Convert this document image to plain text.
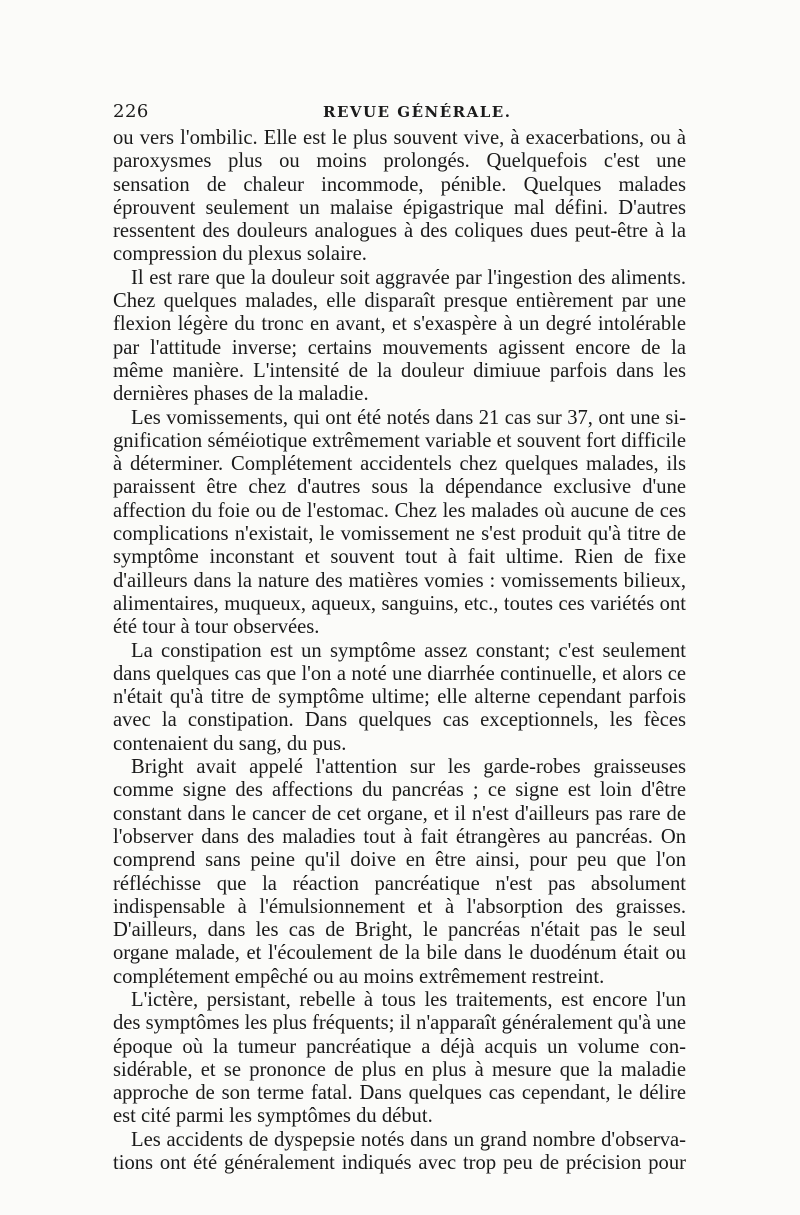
226	REVUE GÉNÉRALE.

ou vers l'ombilic. Elle est le plus souvent vive, à exacerbations, ou à paroxysmes plus ou moins prolongés. Quelquefois c'est une sensation de chaleur incommode, pénible. Quelques malades éprouvent seulement un malaise épigastrique mal défini. D'autres ressentent des douleurs analogues à des coliques dues peut-être à la compression du plexus solaire.

Il est rare que la douleur soit aggravée par l'ingestion des aliments. Chez quelques malades, elle disparaît presque entièrement par une flexion légère du tronc en avant, et s'exaspère à un degré intolérable par l'attitude inverse; certains mouvements agissent encore de la même manière. L'intensité de la douleur dimiuue parfois dans les dernières phases de la maladie.

Les vomissements, qui ont été notés dans 21 cas sur 37, ont une signification séméiotique extrêmement variable et souvent fort difficile à déterminer. Complétement accidentels chez quelques malades, ils paraissent être chez d'autres sous la dépendance exclusive d'une affection du foie ou de l'estomac. Chez les malades où aucune de ces complications n'existait, le vomissement ne s'est produit qu'à titre de symptôme inconstant et souvent tout à fait ultime. Rien de fixe d'ailleurs dans la nature des matières vomies : vomissements bilieux, alimentaires, muqueux, aqueux, sanguins, etc., toutes ces variétés ont été tour à tour observées.

La constipation est un symptôme assez constant; c'est seulement dans quelques cas que l'on a noté une diarrhée continuelle, et alors ce n'était qu'à titre de symptôme ultime; elle alterne cependant parfois avec la constipation. Dans quelques cas exceptionnels, les fèces contenaient du sang, du pus.

Bright avait appelé l'attention sur les garde-robes graisseuses comme signe des affections du pancréas ; ce signe est loin d'être constant dans le cancer de cet organe, et il n'est d'ailleurs pas rare de l'observer dans des maladies tout à fait étrangères au pancréas. On comprend sans peine qu'il doive en être ainsi, pour peu que l'on réfléchisse que la réaction pancréatique n'est pas absolument indispensable à l'émulsionnement et à l'absorption des graisses. D'ailleurs, dans les cas de Bright, le pancréas n'était pas le seul organe malade, et l'écoulement de la bile dans le duodénum était ou complétement empêché ou au moins extrêmement restreint.

L'ictère, persistant, rebelle à tous les traitements, est encore l'un des symptômes les plus fréquents; il n'apparaît généralement qu'à une époque où la tumeur pancréatique a déjà acquis un volume considérable, et se prononce de plus en plus à mesure que la maladie approche de son terme fatal. Dans quelques cas cependant, le délire est cité parmi les symptômes du début.

Les accidents de dyspepsie notés dans un grand nombre d'observations ont été généralement indiqués avec trop peu de précision pour
